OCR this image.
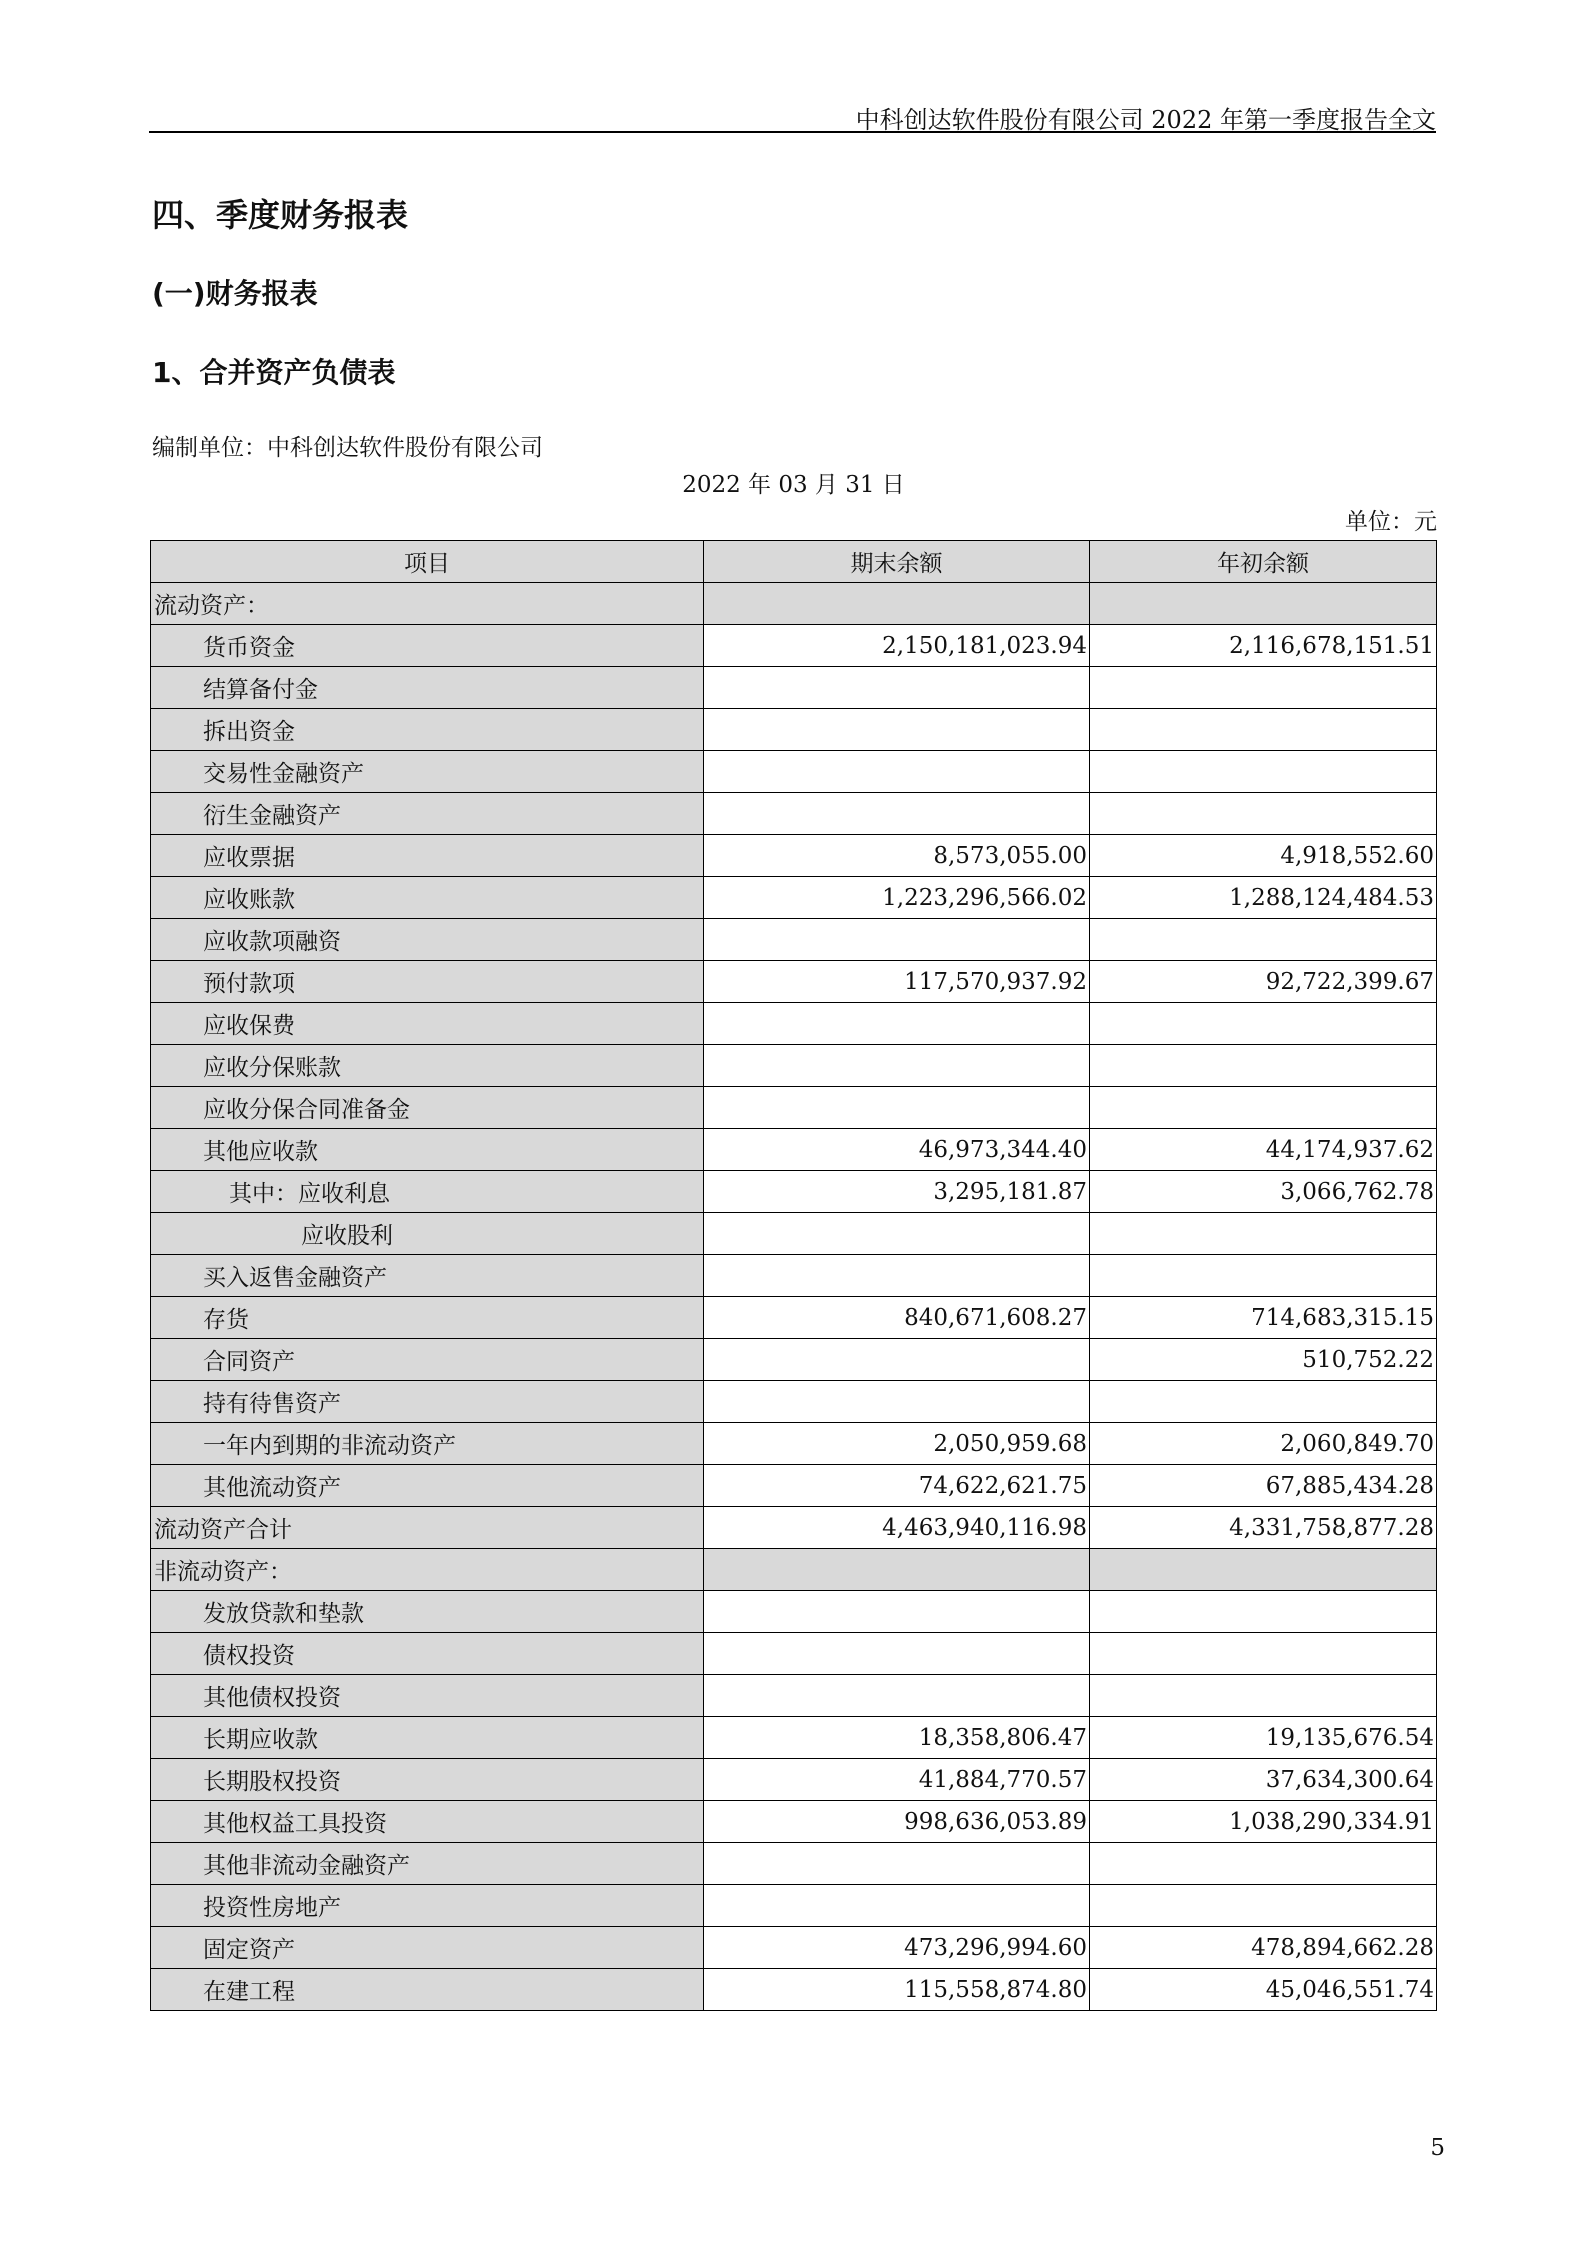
中科创达软件股份有限公司 2022 年第一季度报告全文
四、季度财务报表
(一)财务报表
1、合并资产负债表
编制单位：中科创达软件股份有限公司
2022 年 03 月 31 日
单位：元
项目	期末余额	年初余额
流动资产：		
货币资金	2,150,181,023.94	2,116,678,151.51
结算备付金		
拆出资金		
交易性金融资产		
衍生金融资产		
应收票据	8,573,055.00	4,918,552.60
应收账款	1,223,296,566.02	1,288,124,484.53
应收款项融资		
预付款项	117,570,937.92	92,722,399.67
应收保费		
应收分保账款		
应收分保合同准备金		
其他应收款	46,973,344.40	44,174,937.62
其中：应收利息	3,295,181.87	3,066,762.78
应收股利		
买入返售金融资产		
存货	840,671,608.27	714,683,315.15
合同资产		510,752.22
持有待售资产		
一年内到期的非流动资产	2,050,959.68	2,060,849.70
其他流动资产	74,622,621.75	67,885,434.28
流动资产合计	4,463,940,116.98	4,331,758,877.28
非流动资产：		
发放贷款和垫款		
债权投资		
其他债权投资		
长期应收款	18,358,806.47	19,135,676.54
长期股权投资	41,884,770.57	37,634,300.64
其他权益工具投资	998,636,053.89	1,038,290,334.91
其他非流动金融资产		
投资性房地产		
固定资产	473,296,994.60	478,894,662.28
在建工程	115,558,874.80	45,046,551.74
5
